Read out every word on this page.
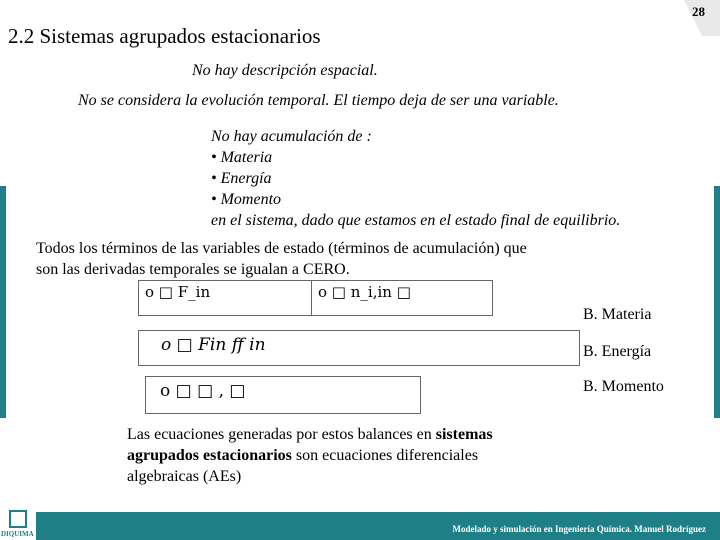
28
2.2 Sistemas agrupados estacionarios
No hay descripción espacial.
No se considera la evolución temporal. El tiempo deja de ser una variable.
No hay acumulación de :
• Materia
• Energía
• Momento
en el sistema, dado que estamos en el estado final de equilibrio.
Todos los términos de las variables de estado (términos de acumulación) que
son las derivadas temporales se igualan a CERO.
ο □ F_in	ο □ n_i,in □
ο □ Fin ff in
ο □ □ , □
B. Materia
B. Energía
B. Momento
Las ecuaciones generadas por estos balances en sistemas agrupados estacionarios son ecuaciones diferenciales algebraicas (AEs)
Modelado y simulación en Ingeniería Química. Manuel Rodríguez
DIQUIMA
